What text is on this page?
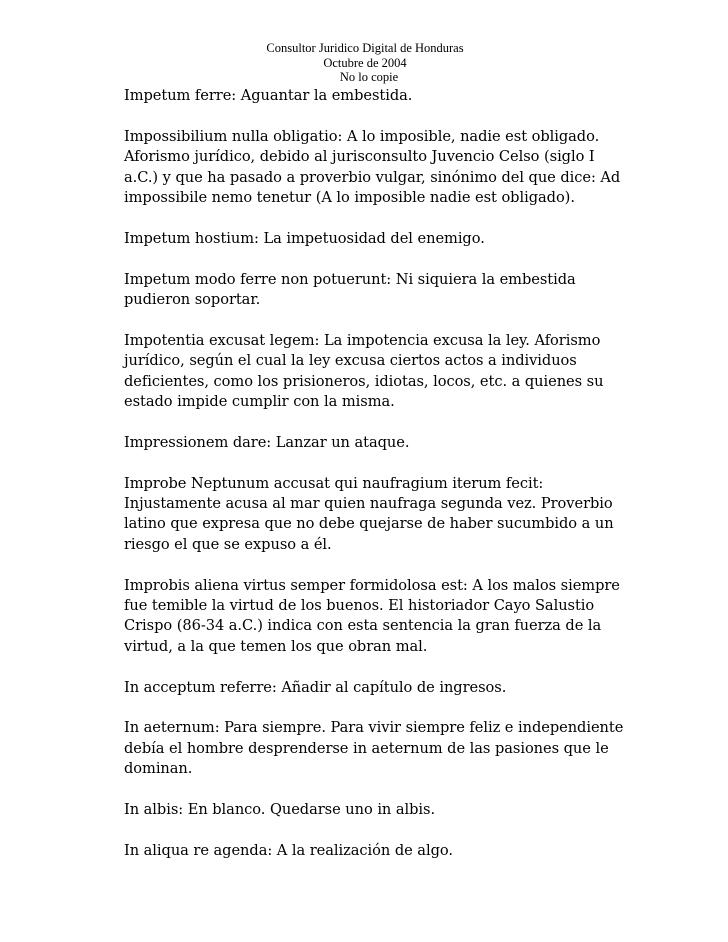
Consultor Juridico Digital de Honduras
Octubre de 2004
No lo copie
Impetum ferre: Aguantar la embestida.
Impossibilium nulla obligatio: A lo imposible, nadie est obligado.
Aforismo jurídico, debido al jurisconsulto Juvencio Celso (siglo I
a.C.) y que ha pasado a proverbio vulgar, sinónimo del que dice: Ad
impossibile nemo tenetur (A lo imposible nadie est obligado).
Impetum hostium: La impetuosidad del enemigo.
Impetum modo ferre non potuerunt: Ni siquiera la embestida
pudieron soportar.
Impotentia excusat legem: La impotencia excusa la ley. Aforismo
jurídico, según el cual la ley excusa ciertos actos a individuos
deficientes, como los prisioneros, idiotas, locos, etc. a quienes su
estado impide cumplir con la misma.
Impressionem dare: Lanzar un ataque.
Improbe Neptunum accusat qui naufragium iterum fecit:
Injustamente acusa al mar quien naufraga segunda vez. Proverbio
latino que expresa que no debe quejarse de haber sucumbido a un
riesgo el que se expuso a él.
Improbis aliena virtus semper formidolosa est: A los malos siempre
fue temible la virtud de los buenos. El historiador Cayo Salustio
Crispo (86-34 a.C.) indica con esta sentencia la gran fuerza de la
virtud, a la que temen los que obran mal.
In acceptum referre: Añadir al capítulo de ingresos.
In aeternum: Para siempre. Para vivir siempre feliz e independiente
debía el hombre desprenderse in aeternum de las pasiones que le
dominan.
In albis: En blanco. Quedarse uno in albis.
In aliqua re agenda: A la realización de algo.
